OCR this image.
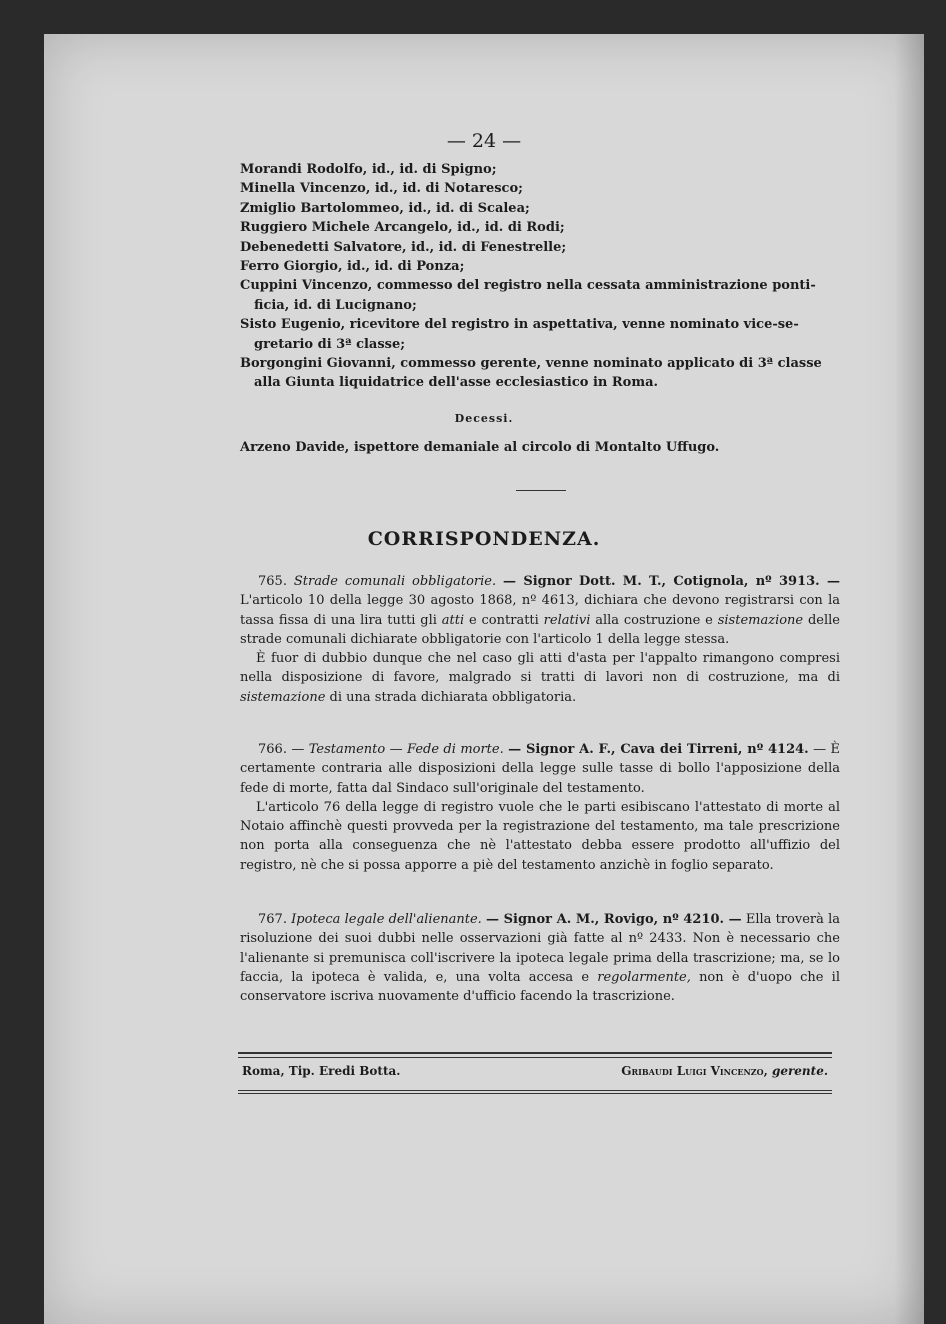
— 24 —
Morandi Rodolfo, id., id. di Spigno;
Minella Vincenzo, id., id. di Notaresco;
Zmiglio Bartolommeo, id., id. di Scalea;
Ruggiero Michele Arcangelo, id., id. di Rodi;
Debenedetti Salvatore, id., id. di Fenestrelle;
Ferro Giorgio, id., id. di Ponza;
Cuppini Vincenzo, commesso del registro nella cessata amministrazione ponti-
ficia, id. di Lucignano;
Sisto Eugenio, ricevitore del registro in aspettativa, venne nominato vice-se-
gretario di 3ª classe;
Borgongini Giovanni, commesso gerente, venne nominato applicato di 3ª classe
alla Giunta liquidatrice dell'asse ecclesiastico in Roma.
Decessi.
Arzeno Davide, ispettore demaniale al circolo di Montalto Uffugo.
CORRISPONDENZA.

765. Strade comunali obbligatorie. — Signor Dott. M. T., Cotignola, nº 3913. — L'articolo 10 della legge 30 agosto 1868, nº 4613, dichiara che devono registrarsi con la tassa fissa di una lira tutti gli atti e contratti relativi alla costruzione e sistemazione delle strade comunali dichiarate obbligatorie con l'articolo 1 della legge stessa.

È fuor di dubbio dunque che nel caso gli atti d'asta per l'appalto rimangono compresi nella disposizione di favore, malgrado si tratti di lavori non di costruzione, ma di sistemazione di una strada dichiarata obbligatoria.

766. — Testamento — Fede di morte. — Signor A. F., Cava dei Tirreni, nº 4124. — È certamente contraria alle disposizioni della legge sulle tasse di bollo l'apposizione della fede di morte, fatta dal Sindaco sull'originale del testamento.

L'articolo 76 della legge di registro vuole che le parti esibiscano l'attestato di morte al Notaio affinchè questi provveda per la registrazione del testamento, ma tale prescrizione non porta alla conseguenza che nè l'attestato debba essere prodotto all'uffizio del registro, nè che si possa apporre a piè del testamento anzichè in foglio separato.

767. Ipoteca legale dell'alienante. — Signor A. M., Rovigo, nº 4210. — Ella troverà la risoluzione dei suoi dubbi nelle osservazioni già fatte al nº 2433. Non è necessario che l'alienante si premunisca coll'iscrivere la ipoteca legale prima della trascrizione; ma, se lo faccia, la ipoteca è valida, e, una volta accesa e regolarmente, non è d'uopo che il conservatore iscriva nuovamente d'ufficio facendo la trascrizione.

Roma, Tip. Eredi Botta.	Gribaudi Luigi Vincenzo, gerente.
